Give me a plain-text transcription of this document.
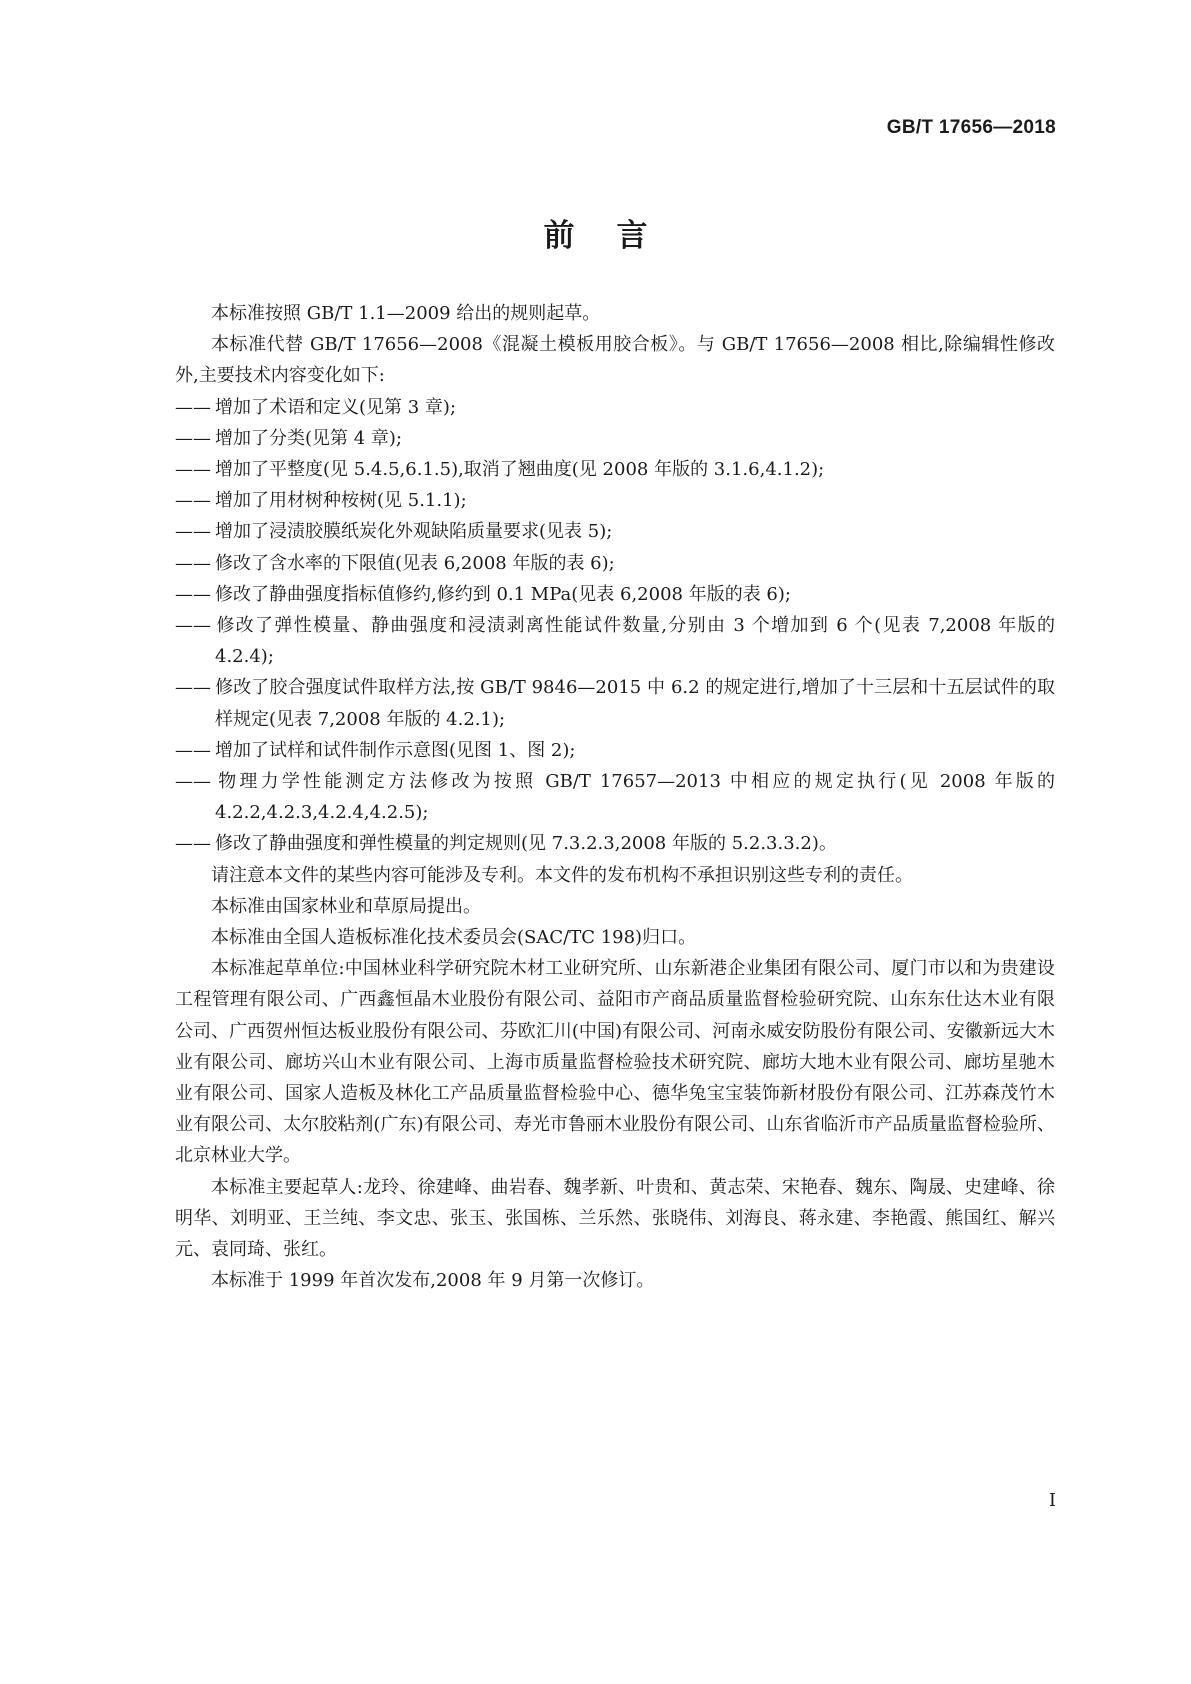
GB/T 17656—2018
前言

本标准按照 GB/T 1.1—2009 给出的规则起草。

本标准代替 GB/T 17656—2008《混凝土模板用胶合板》。与 GB/T 17656—2008 相比,除编辑性修改外,主要技术内容变化如下:

—— 增加了术语和定义(见第 3 章);

—— 增加了分类(见第 4 章);

—— 增加了平整度(见 5.4.5,6.1.5),取消了翘曲度(见 2008 年版的 3.1.6,4.1.2);

—— 增加了用材树种桉树(见 5.1.1);

—— 增加了浸渍胶膜纸炭化外观缺陷质量要求(见表 5);

—— 修改了含水率的下限值(见表 6,2008 年版的表 6);

—— 修改了静曲强度指标值修约,修约到 0.1 MPa(见表 6,2008 年版的表 6);

—— 修改了弹性模量、静曲强度和浸渍剥离性能试件数量,分别由 3 个增加到 6 个(见表 7,2008 年版的 4.2.4);

—— 修改了胶合强度试件取样方法,按 GB/T 9846—2015 中 6.2 的规定进行,增加了十三层和十五层试件的取样规定(见表 7,2008 年版的 4.2.1);

—— 增加了试样和试件制作示意图(见图 1、图 2);

—— 物理力学性能测定方法修改为按照 GB/T 17657—2013 中相应的规定执行(见 2008 年版的 4.2.2,4.2.3,4.2.4,4.2.5);

—— 修改了静曲强度和弹性模量的判定规则(见 7.3.2.3,2008 年版的 5.2.3.3.2)。

请注意本文件的某些内容可能涉及专利。本文件的发布机构不承担识别这些专利的责任。

本标准由国家林业和草原局提出。

本标准由全国人造板标准化技术委员会(SAC/TC 198)归口。

本标准起草单位:中国林业科学研究院木材工业研究所、山东新港企业集团有限公司、厦门市以和为贵建设工程管理有限公司、广西鑫恒晶木业股份有限公司、益阳市产商品质量监督检验研究院、山东东仕达木业有限公司、广西贺州恒达板业股份有限公司、芬欧汇川(中国)有限公司、河南永威安防股份有限公司、安徽新远大木业有限公司、廊坊兴山木业有限公司、上海市质量监督检验技术研究院、廊坊大地木业有限公司、廊坊星驰木业有限公司、国家人造板及林化工产品质量监督检验中心、德华兔宝宝装饰新材股份有限公司、江苏森茂竹木业有限公司、太尔胶粘剂(广东)有限公司、寿光市鲁丽木业股份有限公司、山东省临沂市产品质量监督检验所、北京林业大学。

本标准主要起草人:龙玲、徐建峰、曲岩春、魏孝新、叶贵和、黄志荣、宋艳春、魏东、陶晟、史建峰、徐明华、刘明亚、王兰纯、李文忠、张玉、张国栋、兰乐然、张晓伟、刘海良、蒋永建、李艳霞、熊国红、解兴元、袁同琦、张红。

本标准于 1999 年首次发布,2008 年 9 月第一次修订。

I
